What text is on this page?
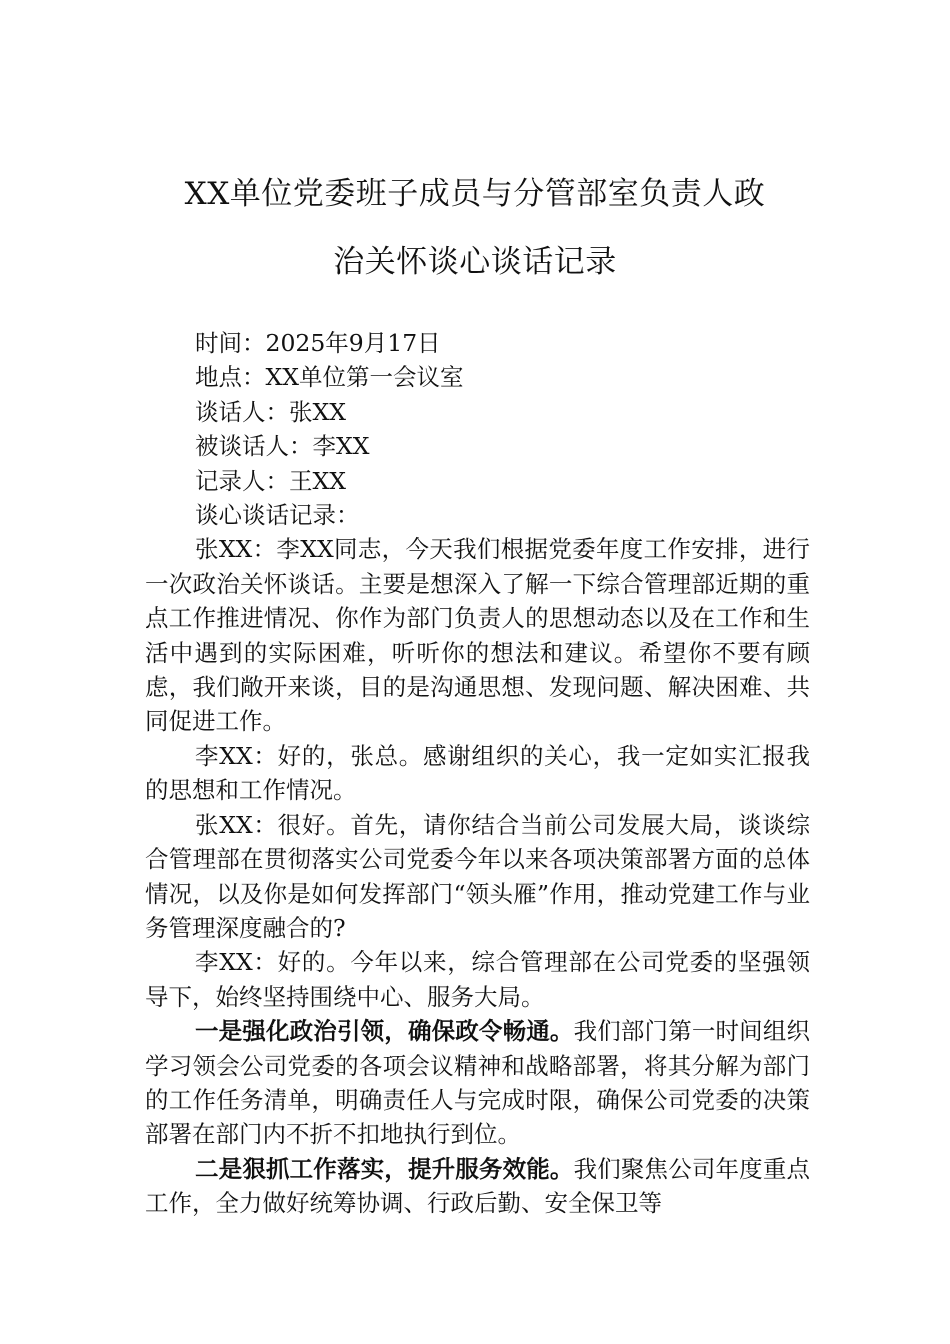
XX单位党委班子成员与分管部室负责人政
治关怀谈心谈话记录
时间：2025年9月17日
地点：XX单位第一会议室
谈话人：张XX
被谈话人：李XX
记录人：王XX
谈心谈话记录：

张XX：李XX同志，今天我们根据党委年度工作安排，进行一次政治关怀谈话。主要是想深入了解一下综合管理部近期的重点工作推进情况、你作为部门负责人的思想动态以及在工作和生活中遇到的实际困难，听听你的想法和建议。希望你不要有顾虑，我们敞开来谈，目的是沟通思想、发现问题、解决困难、共同促进工作。

李XX：好的，张总。感谢组织的关心，我一定如实汇报我的思想和工作情况。

张XX：很好。首先，请你结合当前公司发展大局，谈谈综合管理部在贯彻落实公司党委今年以来各项决策部署方面的总体情况，以及你是如何发挥部门“领头雁”作用，推动党建工作与业务管理深度融合的?

李XX：好的。今年以来，综合管理部在公司党委的坚强领导下，始终坚持围绕中心、服务大局。

一是强化政治引领，确保政令畅通。我们部门第一时间组织学习领会公司党委的各项会议精神和战略部署，将其分解为部门的工作任务清单，明确责任人与完成时限，确保公司党委的决策部署在部门内不折不扣地执行到位。

二是狠抓工作落实，提升服务效能。我们聚焦公司年度重点工作，全力做好统筹协调、行政后勤、安全保卫等
